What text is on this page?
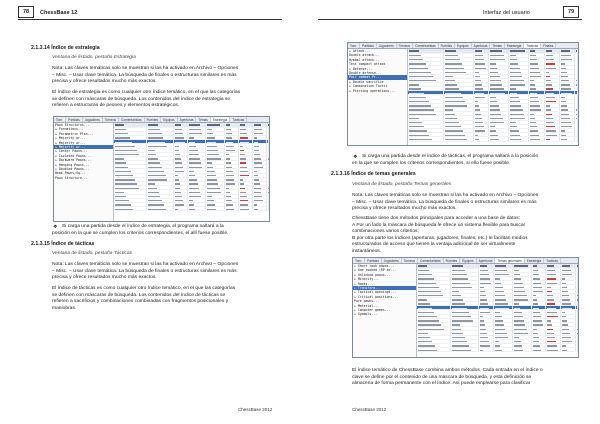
78	ChessBase 12
2.1.3.14 Índice de estrategia
Ventana de listado, pestaña Estrategia
Nota: Las claves temáticas solo se muestran si las ha activado en Archivo – Opciones
– Misc. – Usar clave temática. La búsqueda de finales o estructuras similares es más
precisa y ofrece resultados mucho más exactos.
El índice de estrategia es como cualquier otro índice temático, en el que las categorías
se definen con máscaras de búsqueda. Los contenidos del índice de estrategia se
refieren a estructuras de peones y elementos estratégicos.
Torn.	Partidas	Jugadores	Torneos	Comentaristas	Fuentes	Equipos	Aperturas	Temas	Estrategia	Tácticas
Pawn Structures...
+ Formations...
+ Parametric Plan...
+ Majority wr...
+ Majority wr...
+ Majority wr...
+ Center Pawns...
+ Isolated Pawns...
+ Backward Pawns...
+ Hanging Pawns...
+ Doubled Pawns...
Weak Pawns/Sq...
Pawn Structure...
❖ Si carga una partida desde el índice de estrategia, el programa saltará a la
posición en la que se cumplen los criterios correspondientes, el allí fuese posible.
2.1.3.15 Índice de tácticas
Ventana de listado, pestaña Tácticas
Nota: Las claves temáticas solo se muestran si las ha activado en Archivo – Opciones
– Misc. – Usar clave temática. La búsqueda de finales o estructuras similares es más
precisa y ofrece resultados mucho más exactos.
El índice de tácticas es como cualquier otro índice temático, en el que las categorías
se definen con máscaras de búsqueda. Los contenidos del índice de tácticas se
refieren a sacrificios y combinaciones combinadas con fragmentos posicionales y
maniobras.
ChessBase 2012
Interfaz del usuario	79
Torn.	Partidas	Jugadores	Torneos	Comentaristas	Fuentes	Equipos	Aperturas	Temas	Estrategia	Tácticas	Finales
+ Attack...
Double attack...
Hymbal attack...
Test compact attack
+ Defense...
Double defense...
Pair combat Pr...
+ Double sacrifice
+ Combination Tactic
+ Piercing operations...
❖ Si carga una partida desde el índice de tácticas, el programa saltará a la posición
en la que se cumplen los criterios correspondientes, si ello fuese posible.
2.1.3.16 Índice de temas generales
Ventana de listado, pestaña Temas generales
Nota: Las claves temáticas solo se muestran si las ha activado en Archivo – Opciones
– Misc. – Usar clave temática. La búsqueda de finales o estructuras similares es más
precisa y ofrece resultados mucho más exactos.
ChessBase tiene dos métodos principales para acceder a una base de datos:
A Por un lado la máscara de búsqueda le ofrece un sistema flexible para buscar
combinaciones varios criterios;
B por otra parte los índices (aperturas, jugadores, finales, etc.) le facilitan medios
estructurados de acceso que tienen la ventaja adicional de ser virtualmente
instantáneos.
Torn.	Partidas	Jugadores	Torneos	Comentaristas	Fuentes	Equipos	Aperturas	Temas generales	Estrategia	Tácticas
+ Short rook pawns...
+ One rooked (RP ac...
+ Unlinked pawns...
+ Minority...
+ Rooks...
+ Transform...
+ Tactical openings...
+ Critical positions...
Pure pawns...
+ Material...
+ Computer games...
+ Symbols...
El índice temático de ChessBase combina ambos métodos. Cada entrada en el índice o
clave se define por el contenido de una máscara de búsqueda, y esta definición se
almacena de forma permanente con el índice. Así puede emplearse para clasificar
ChessBase 2012
